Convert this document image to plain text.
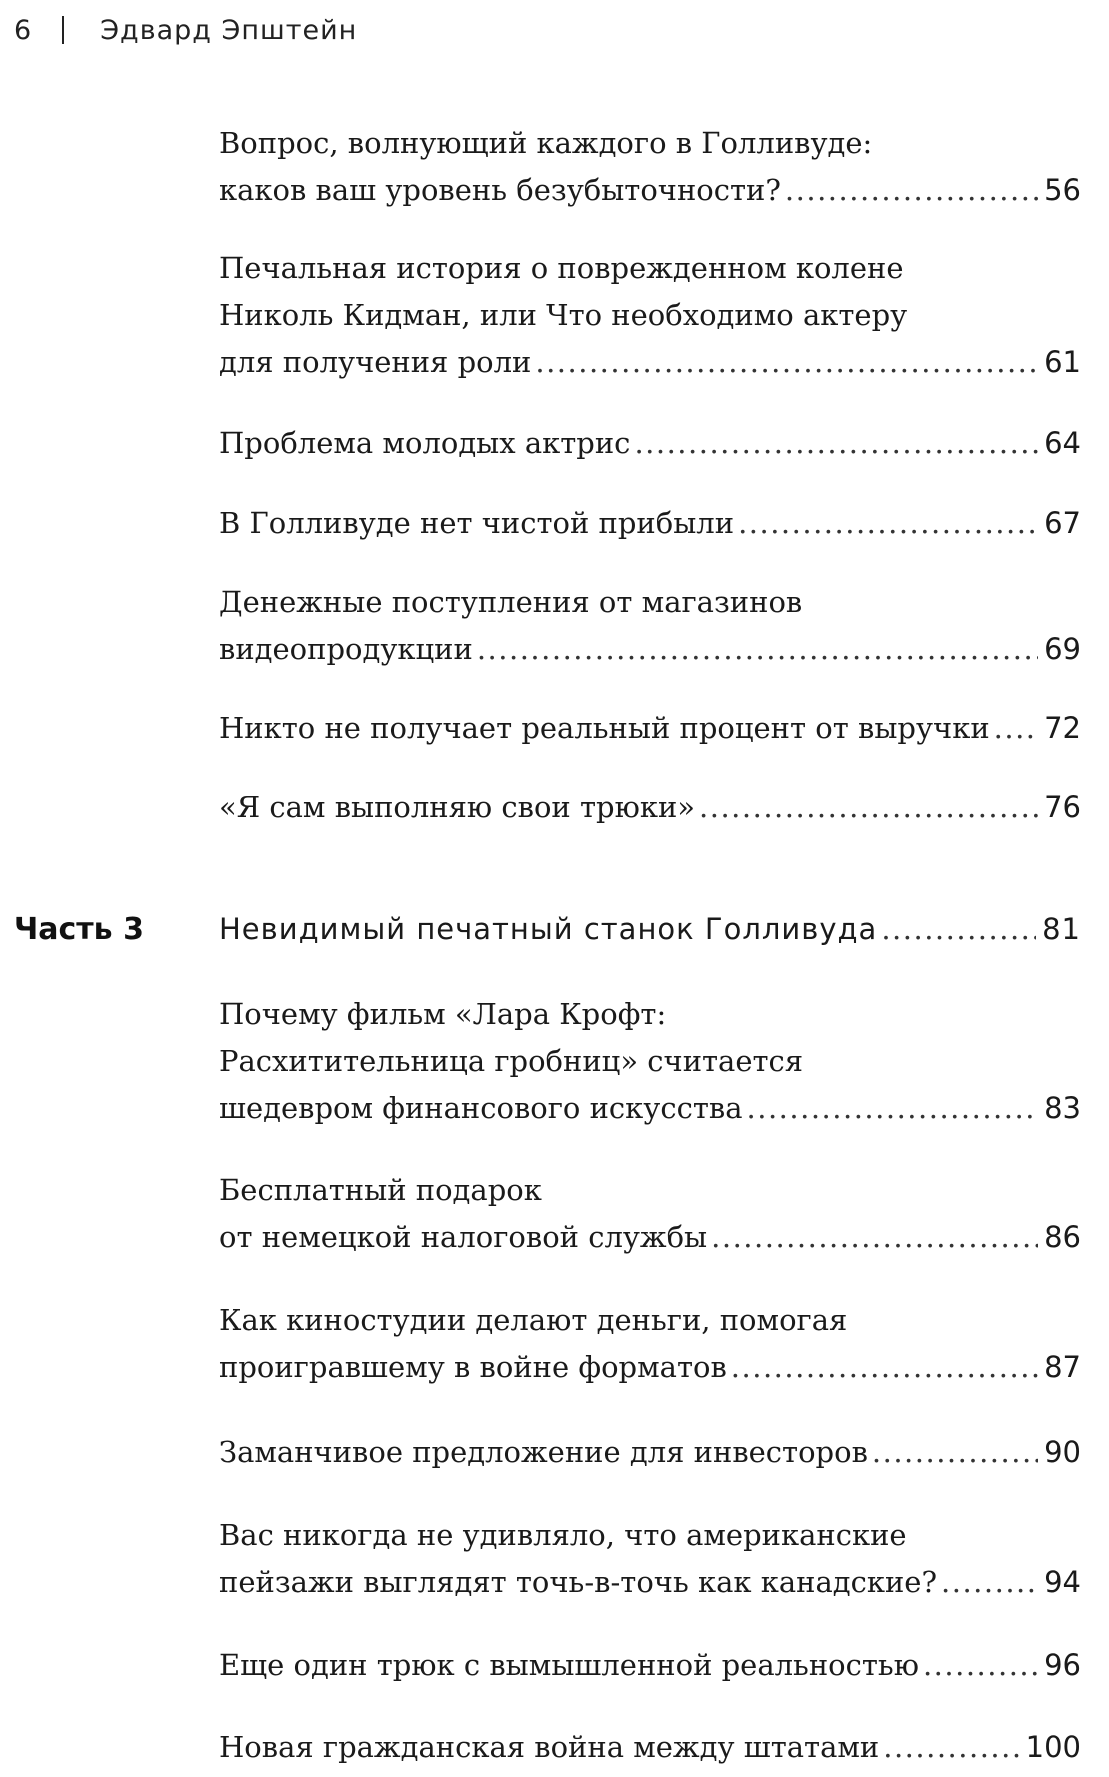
6	Эдвард Эпштейн
Вопрос, волнующий каждого в Голливуде:
каков ваш уровень безубыточности? .....	56
Печальная история о поврежденном колене
Николь Кидман, или Что необходимо актеру
для получения роли .....	61
Проблема молодых актрис .....	64
В Голливуде нет чистой прибыли .....	67
Денежные поступления от магазинов
видеопродукции .....	69
Никто не получает реальный процент от выручки ..... 72
«Я сам выполняю свои трюки» .....	76
Часть 3	Невидимый печатный станок Голливуда .....	81
Почему фильм «Лара Крофт:
Расхитительница гробниц» считается
шедевром финансового искусства .....	83
Бесплатный подарок
от немецкой налоговой службы .....	86
Как киностудии делают деньги, помогая
проигравшему в войне форматов .....	87
Заманчивое предложение для инвесторов .....	90
Вас никогда не удивляло, что американские
пейзажи выглядят точь-в-точь как канадские? .....	94
Еще один трюк с вымышленной реальностью .....	96
Новая гражданская война между штатами .....	100
